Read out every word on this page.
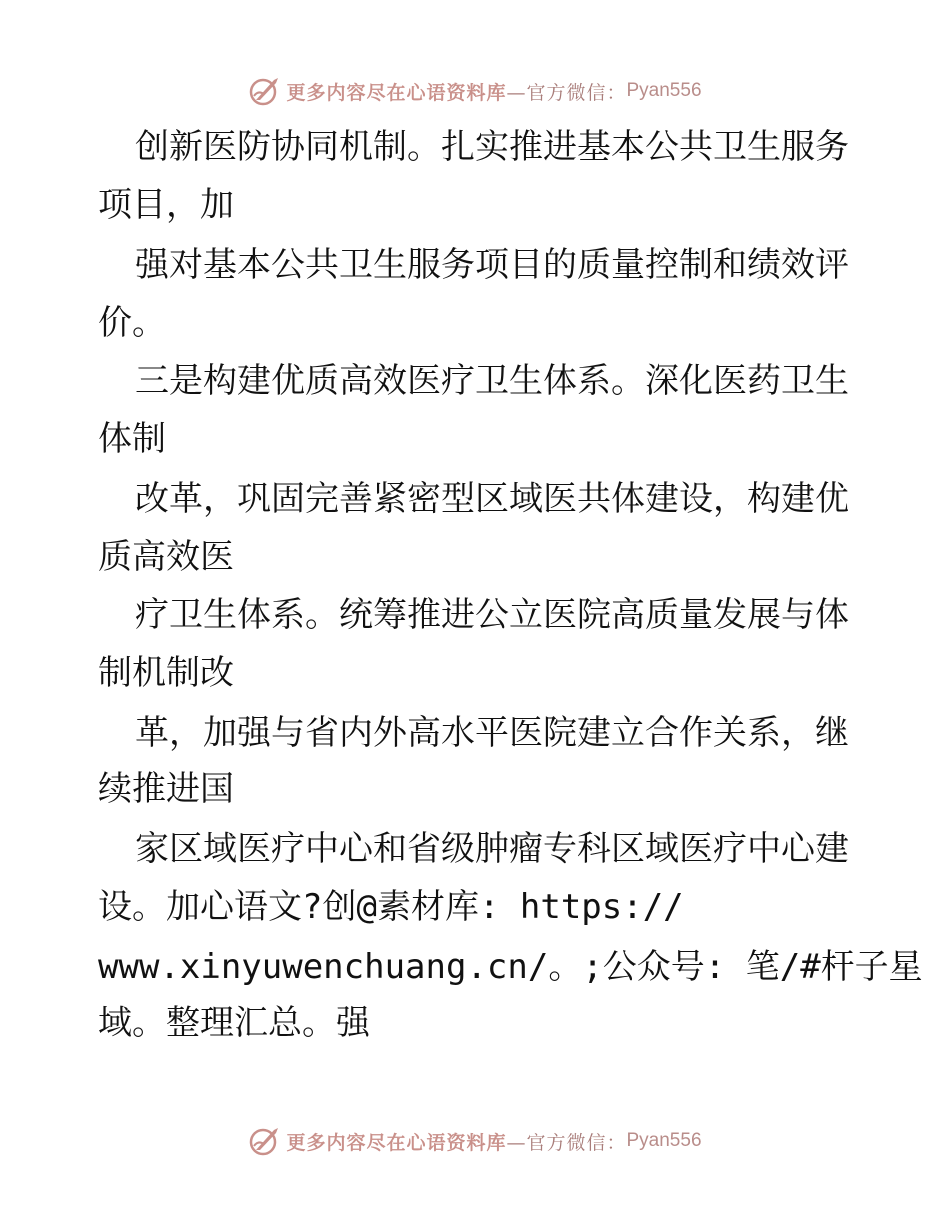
更多内容尽在心语资料库 —官方微信： Pyan556
创新医防协同机制。扎实推进基本公共卫生服务
项目，加
强对基本公共卫生服务项目的质量控制和绩效评
价。
三是构建优质高效医疗卫生体系。深化医药卫生
体制
改革，巩固完善紧密型区域医共体建设，构建优
质高效医
疗卫生体系。统筹推进公立医院高质量发展与体
制机制改
革，加强与省内外高水平医院建立合作关系，继
续推进国
家区域医疗中心和省级肿瘤专科区域医疗中心建
设。加心语文?创@素材库: https://
www.xinyuwenchuang.cn/。;公众号: 笔/#杆子星
域。整理汇总。强
更多内容尽在心语资料库 —官方微信： Pyan556
